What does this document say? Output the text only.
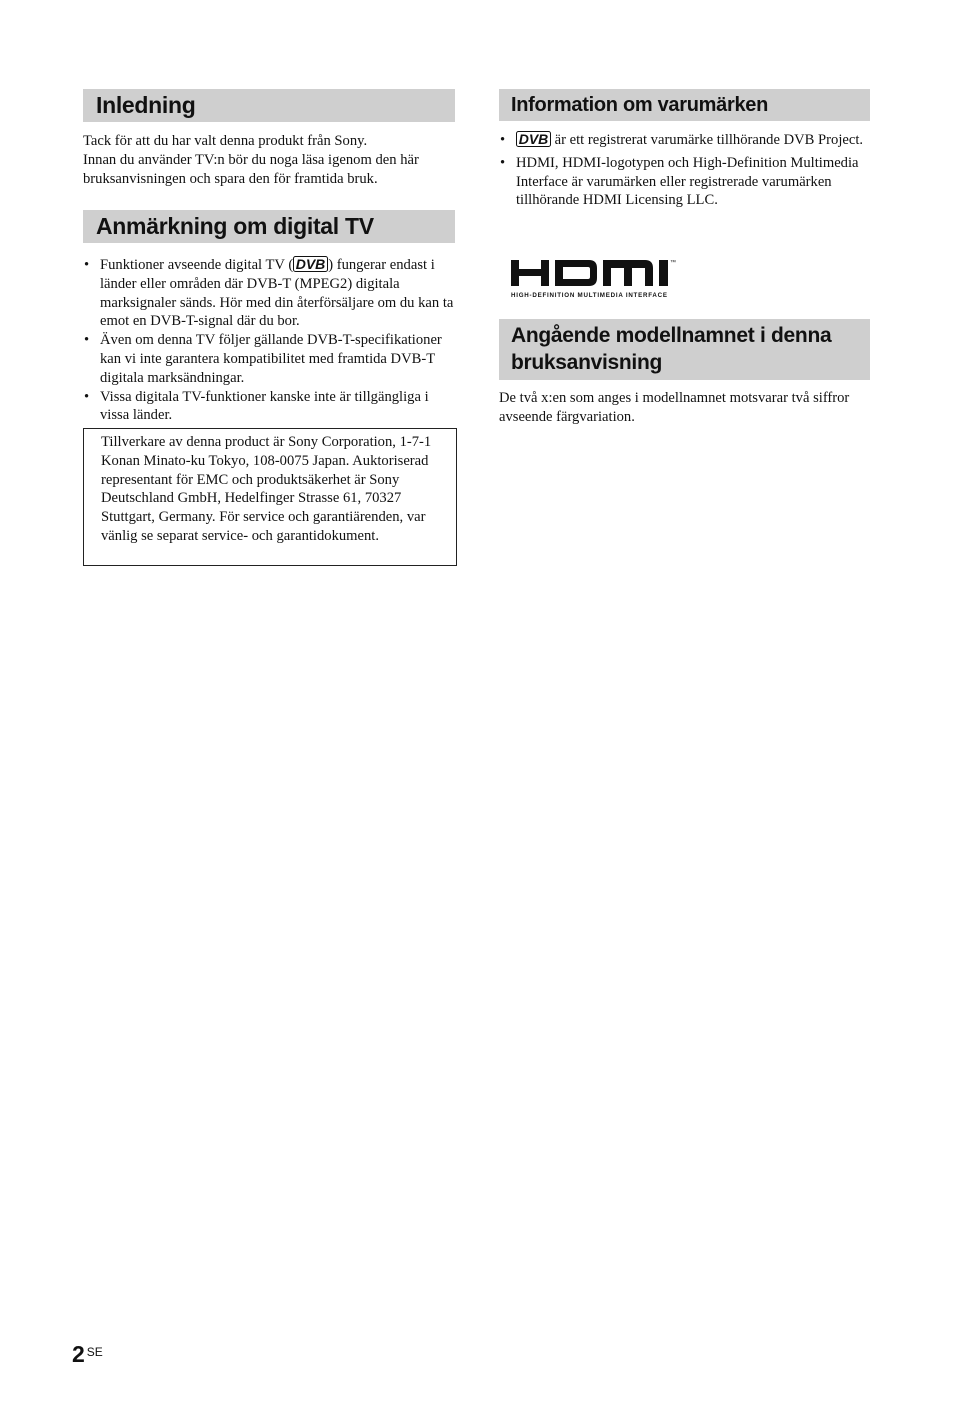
Inledning

Tack för att du har valt denna produkt från Sony.

Innan du använder TV:n bör du noga läsa igenom den här bruksanvisningen och spara den för framtida bruk.

Anmärkning om digital TV
• Funktioner avseende digital TV ( DVB ) fungerar endast i länder eller områden där DVB-T (MPEG2) digitala marksignaler sänds. Hör med din återförsäljare om du kan ta emot en DVB-T-signal där du bor.
• Även om denna TV följer gällande DVB-T-specifikationer kan vi inte garantera kompatibilitet med framtida DVB-T digitala marksändningar.
• Vissa digitala TV-funktioner kanske inte är tillgängliga i vissa länder.
Tillverkare av denna product är Sony Corporation, 1-7-1 Konan Minato-ku Tokyo, 108-0075 Japan. Auktoriserad representant för EMC och produktsäkerhet är Sony Deutschland GmbH, Hedelfinger Strasse 61, 70327 Stuttgart, Germany. För service och garantiärenden, var vänlig se separat service- och garantidokument.
Information om varumärken
• DVB är ett registrerat varumärke tillhörande DVB Project.
• HDMI, HDMI-logotypen och High-Definition Multimedia Interface är varumärken eller registrerade varumärken tillhörande HDMI Licensing LLC.
Angående modellnamnet i denna
bruksanvisning

De två x:en som anges i modellnamnet motsvarar två siffror avseende färgvariation.

™
HIGH-DEFINITION MULTIMEDIA INTERFACE
2 $^{SE}$
